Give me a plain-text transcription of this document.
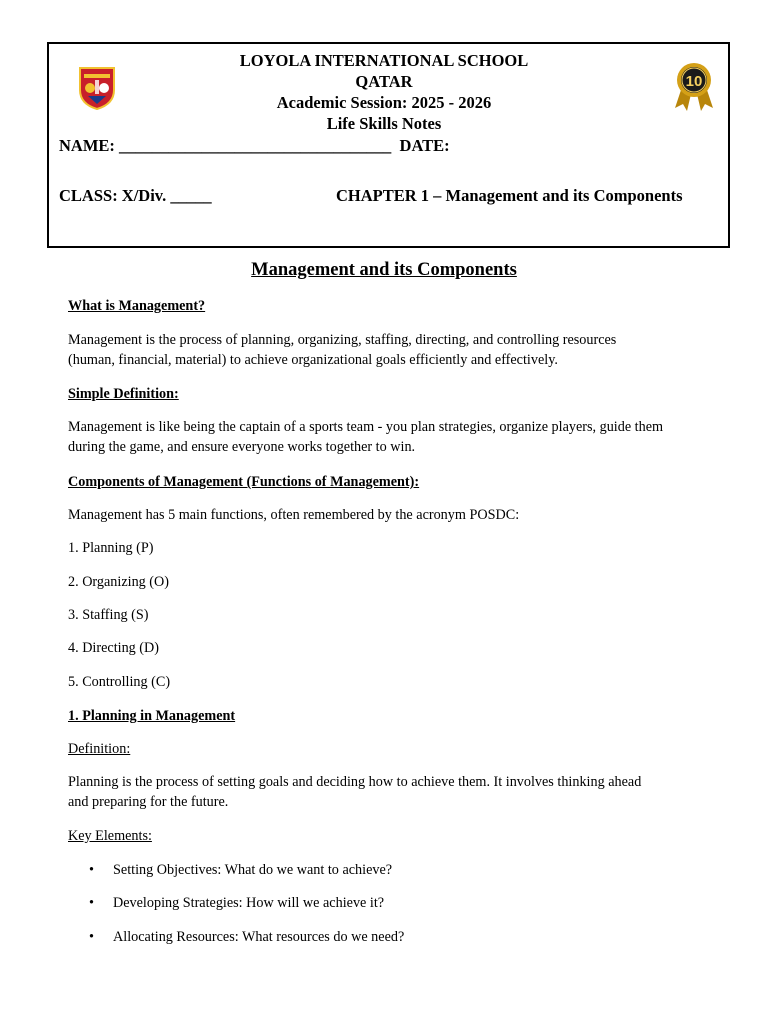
10
LOYOLA INTERNATIONAL SCHOOL
QATAR
Academic Session: 2025 - 2026
Life Skills Notes
NAME: _________________________________  DATE:
CLASS: X/Div. _____	CHAPTER 1 – Management and its Components
Management and its Components
What is Management?
Management is the process of planning, organizing, staffing, directing, and controlling resources
(human, financial, material) to achieve organizational goals efficiently and effectively.
Simple Definition:
Management is like being the captain of a sports team - you plan strategies, organize players, guide them
during the game, and ensure everyone works together to win.
Components of Management (Functions of Management):
Management has 5 main functions, often remembered by the acronym POSDC:
1. Planning (P)
2. Organizing (O)
3. Staffing (S)
4. Directing (D)
5. Controlling (C)
1. Planning in Management
Definition:
Planning is the process of setting goals and deciding how to achieve them. It involves thinking ahead
and preparing for the future.
Key Elements:
• Setting Objectives: What do we want to achieve?
• Developing Strategies: How will we achieve it?
• Allocating Resources: What resources do we need?
